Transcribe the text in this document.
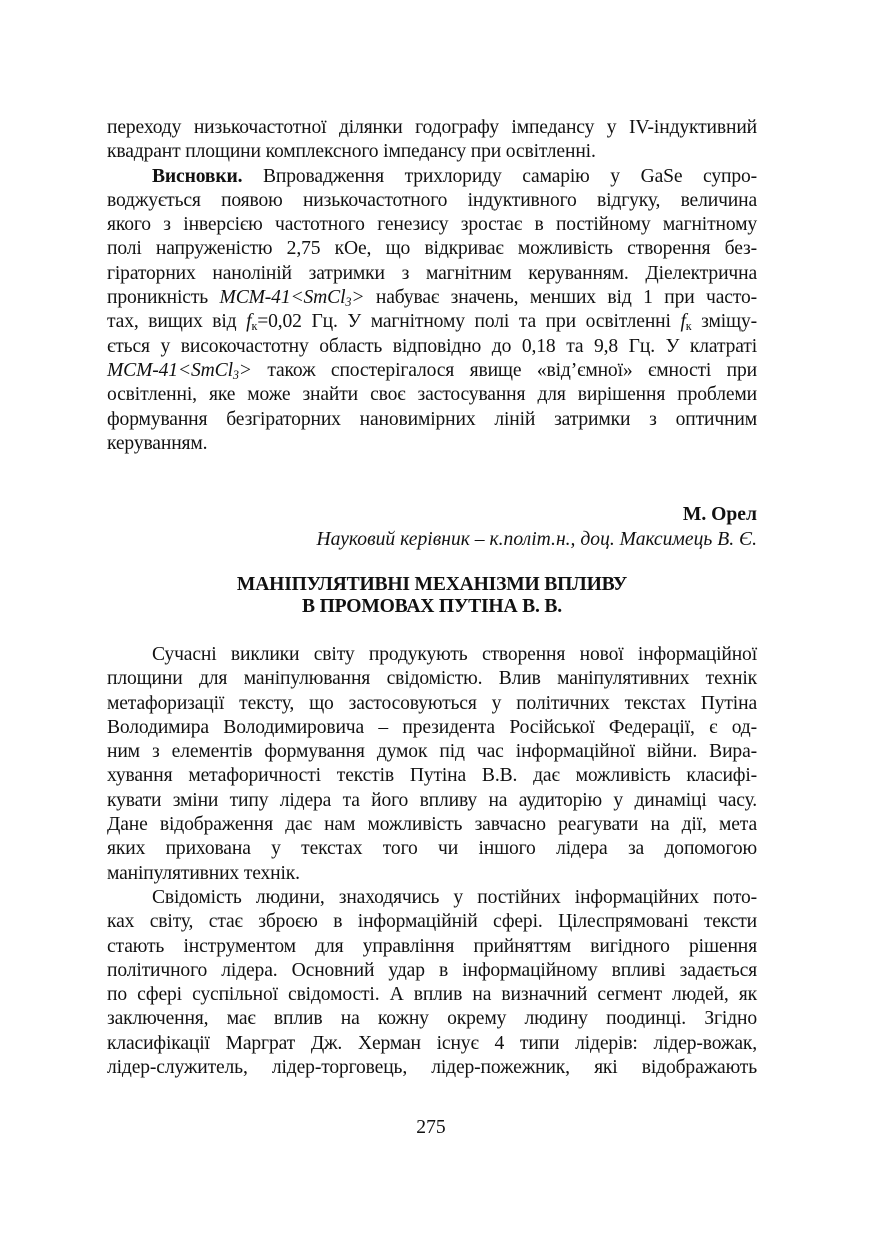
переходу низькочастотної ділянки годографу імпедансу у IV-індуктивний
квадрант площини комплексного імпедансу при освітленні.
Висновки. Впровадження трихлориду самарію у GaSe супро-
воджується появою низькочастотного індуктивного відгуку, величина
якого з інверсією частотного генезису зростає в постійному магнітному
полі напруженістю 2,75 кОе, що відкриває можливість створення без-
гіраторних наноліній затримки з магнітним керуванням. Діелектрична
проникність MCM-41<SmCl$_3$> набуває значень, менших від 1 при часто-
тах, вищих від $f_к=0,02$ Гц. У магнітному полі та при освітленні $f_к$ зміщу-
ється у високочастотну область відповідно до 0,18 та 9,8 Гц. У клатраті
MCM-41<SmCl$_3$> також спостерігалося явище «від’ємної» ємності при
освітленні, яке може знайти своє застосування для вирішення проблеми
формування безгіраторних нановимірних ліній затримки з оптичним
керуванням.
М. Орел
Науковий керівник – к.політ.н., доц. Максимець В. Є.
МАНІПУЛЯТИВНІ МЕХАНІЗМИ ВПЛИВУ
В ПРОМОВАХ ПУТІНА В. В.
Сучасні виклики світу продукують створення нової інформаційної
площини для маніпулювання свідомістю. Влив маніпулятивних технік
метафоризації тексту, що застосовуються у політичних текстах Путіна
Володимира Володимировича – президента Російської Федерації, є од-
ним з елементів формування думок під час інформаційної війни. Вира-
хування метафоричності текстів Путіна В.В. дає можливість класифі-
кувати зміни типу лідера та його впливу на аудиторію у динаміці часу.
Дане відображення дає нам можливість завчасно реагувати на дії, мета
яких прихована у текстах того чи іншого лідера за допомогою
маніпулятивних технік.
Свідомість людини, знаходячись у постійних інформаційних пото-
ках світу, стає зброєю в інформаційній сфері. Цілеспрямовані тексти
стають інструментом для управління прийняттям вигідного рішення
політичного лідера. Основний удар в інформаційному впливі задається
по сфері суспільної свідомості. А вплив на визначний сегмент людей, як
заключення, має вплив на кожну окрему людину поодинці. Згідно
класифікації Марграт Дж. Херман існує 4 типи лідерів: лідер-вожак,
лідер-служитель, лідер-торговець, лідер-пожежник, які відображають
275
